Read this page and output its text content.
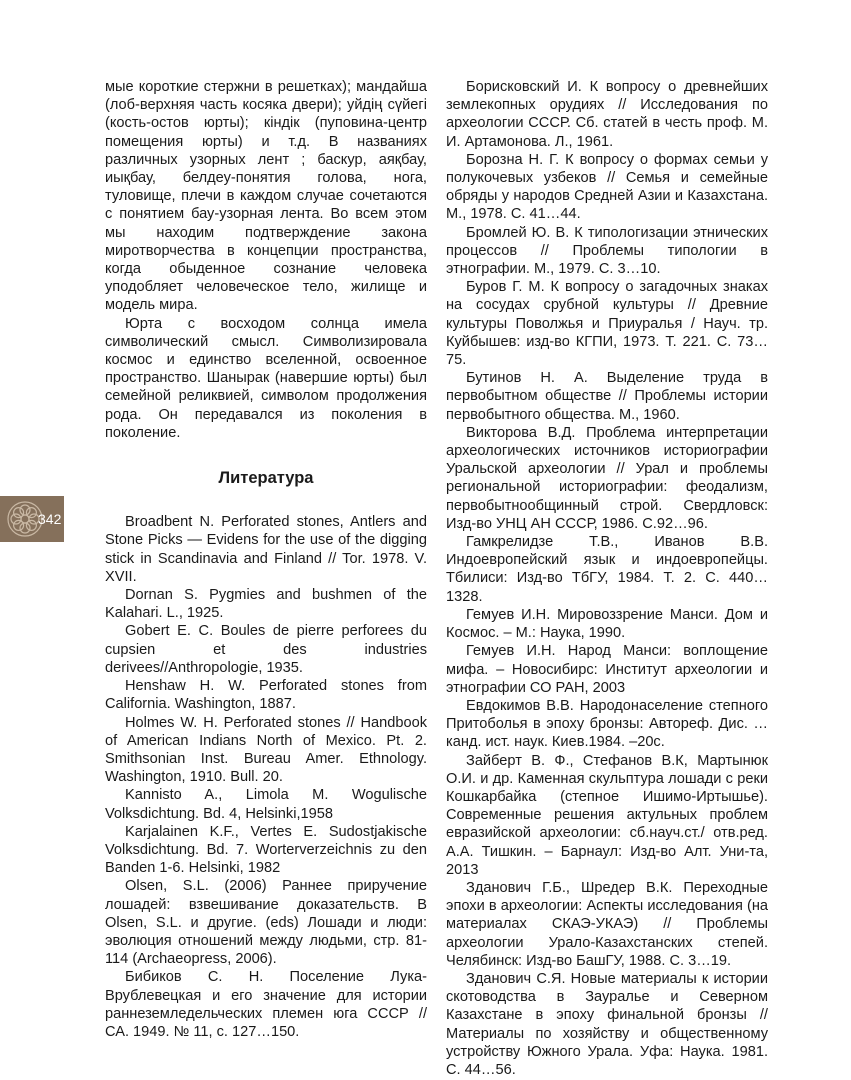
мые короткие стержни в решетках); мандайша (лоб-верхняя часть косяка двери); уйдің сүйегі (кость-остов юрты); кіндік (пуповина-центр помещения юрты) и т.д. В названиях различных узорных лент ; баскур, аяқбау, иықбау, белдеу-понятия голова, нога, туловище, плечи в каждом случае сочетаются с понятием бау-узорная лента. Во всем этом мы находим подтверждение закона миротворчества в концепции пространства, когда обыденное сознание человека уподобляет человеческое тело, жилище и модель мира.

Юрта с восходом солнца имела символический смысл. Символизировала космос и единство вселенной, освоенное пространство. Шанырак (навершие юрты) был семейной реликвией, символом продолжения рода. Он передавался из поколения в поколение.

Литература

Broadbent N. Perforated stones, Antlers and Stone Picks — Evidens for the use of the digging stick in Scandinavia and Finland // Tor. 1978. V. XVII.

Dornan S. Pygmies and bushmen of the Kalahari. L., 1925.

Gobert E. C. Boules de pierre perforees du cupsien et des industries derivees//Anthropologie, 1935.

Henshaw H. W. Perforated stones from California. Washington, 1887.

Holmes W. H. Perforated stones // Handbook of American Indians North of Mexico. Pt. 2. Smithsonian Inst. Bureau Amer. Ethnology. Washington, 1910. Bull. 20.

Kannisto A., Limola M. Wogulische Volksdichtung. Bd. 4, Helsinki,1958

Karjalainen K.F., Vertes E. Sudostjakische Volksdichtung. Bd. 7. Worterverzeichnis zu den Banden 1-6. Helsinki, 1982

Olsen, S.L. (2006) Раннее приручение лошадей: взвешивание доказательств. В Olsen, S.L. и другие. (eds) Лошади и люди: эволюция отношений между людьми, стр. 81-114 (Archaeopress, 2006).

Бибиков С. Н. Поселение Лука-Врублевецкая и его значение для истории раннеземледельческих племен юга СССР // СА. 1949. № 11, с. 127…150.

Борисковский И. К вопросу о древнейших землекопных орудиях // Исследования по археологии СССР. Сб. статей в честь проф. М. И. Артамонова. Л., 1961.

Борозна Н. Г. К вопросу о формах семьи у полукочевых узбеков // Семья и семейные обряды у народов Средней Азии и Казахстана. М., 1978. С. 41…44.

Бромлей Ю. В. К типологизации этнических процессов // Проблемы типологии в этнографии. М., 1979. С. 3…10.

Буров Г. М. К вопросу о загадочных знаках на сосудах срубной культуры // Древние культуры Поволжья и Приуралья / Науч. тр. Куйбышев: изд-во КГПИ, 1973. Т. 221. С. 73…75.

Бутинов Н. А. Выделение труда в первобытном обществе // Проблемы истории первобытного общества. М., 1960.

Викторова В.Д. Проблема интерпретации археологических источников историографии Уральской археологии // Урал и проблемы региональной историографии: феодализм, первобытнообщинный строй. Свердловск: Изд-во УНЦ АН СССР, 1986. С.92…96.

Гамкрелидзе Т.В., Иванов В.В. Индоевропейский язык и индоевропейцы. Тбилиси: Изд-во ТбГУ, 1984. Т. 2. С. 440…1328.

Гемуев И.Н. Мировоззрение Манси. Дом и Космос. – М.: Наука, 1990.

Гемуев И.Н. Народ Манси: воплощение мифа. – Новосибирс: Институт археологии и этнографии СО РАН, 2003

Евдокимов В.В. Народонаселение степного Притоболья в эпоху бронзы: Автореф. Дис. … канд. ист. наук. Киев.1984. –20с.

Зайберт В. Ф., Стефанов В.К, Мартынюк О.И. и др. Каменная скульптура лошади с реки Кошкарбайка (степное Ишимо-Иртышье). Современные решения актульных проблем евразийской археологии: сб.науч.ст./ отв.ред. А.А. Тишкин. – Барнаул: Изд-во Алт. Уни-та, 2013

Зданович Г.Б., Шредер В.К. Переходные эпохи в археологии: Аспекты исследования (на материалах СКАЭ-УКАЭ) // Проблемы археологии Урало-Казахстанских степей. Челябинск: Изд-во БашГУ, 1988. С. 3…19.

Зданович С.Я. Новые материалы к истории скотоводства в Зауралье и Северном Казахстане в эпоху финальной бронзы // Материалы по хозяйству и общественному устройству Южного Урала. Уфа: Наука. 1981. С. 44…56.

342
